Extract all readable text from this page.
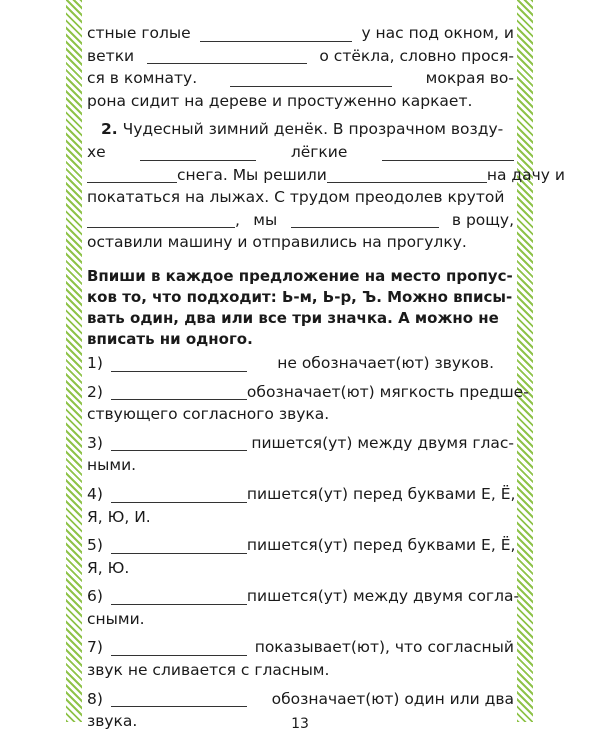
стные голые	у нас под окном, и
ветки	о стёкла, словно прося-
ся в комнату.	мокрая во-
рона сидит на дереве и простуженно каркает.
2. Чудесный зимний денёк. В прозрачном возду-
хе	лёгкие
снега. Мы решили	на дачу и
покататься на лыжах. С трудом преодолев крутой
, мы	в рощу,
оставили машину и отправились на прогулку.
Впиши в каждое предложение на место пропус-
ков то, что подходит: Ь-м, Ь-р, Ъ. Можно вписы-
вать один, два или все три значка. А можно не
вписать ни одного.
1)	не обозначает(ют) звуков.
2)	обозначает(ют) мягкость предше-
ствующего согласного звука.
3)	пишется(ут) между двумя глас-
ными.
4)	пишется(ут) перед буквами Е, Ё,
Я, Ю, И.
5)	пишется(ут) перед буквами Е, Ё,
Я, Ю.
6)	пишется(ут) между двумя согла-
сными.
7)	показывает(ют), что согласный
звук не сливается с гласным.
8)	обозначает(ют) один или два
звука.	13
